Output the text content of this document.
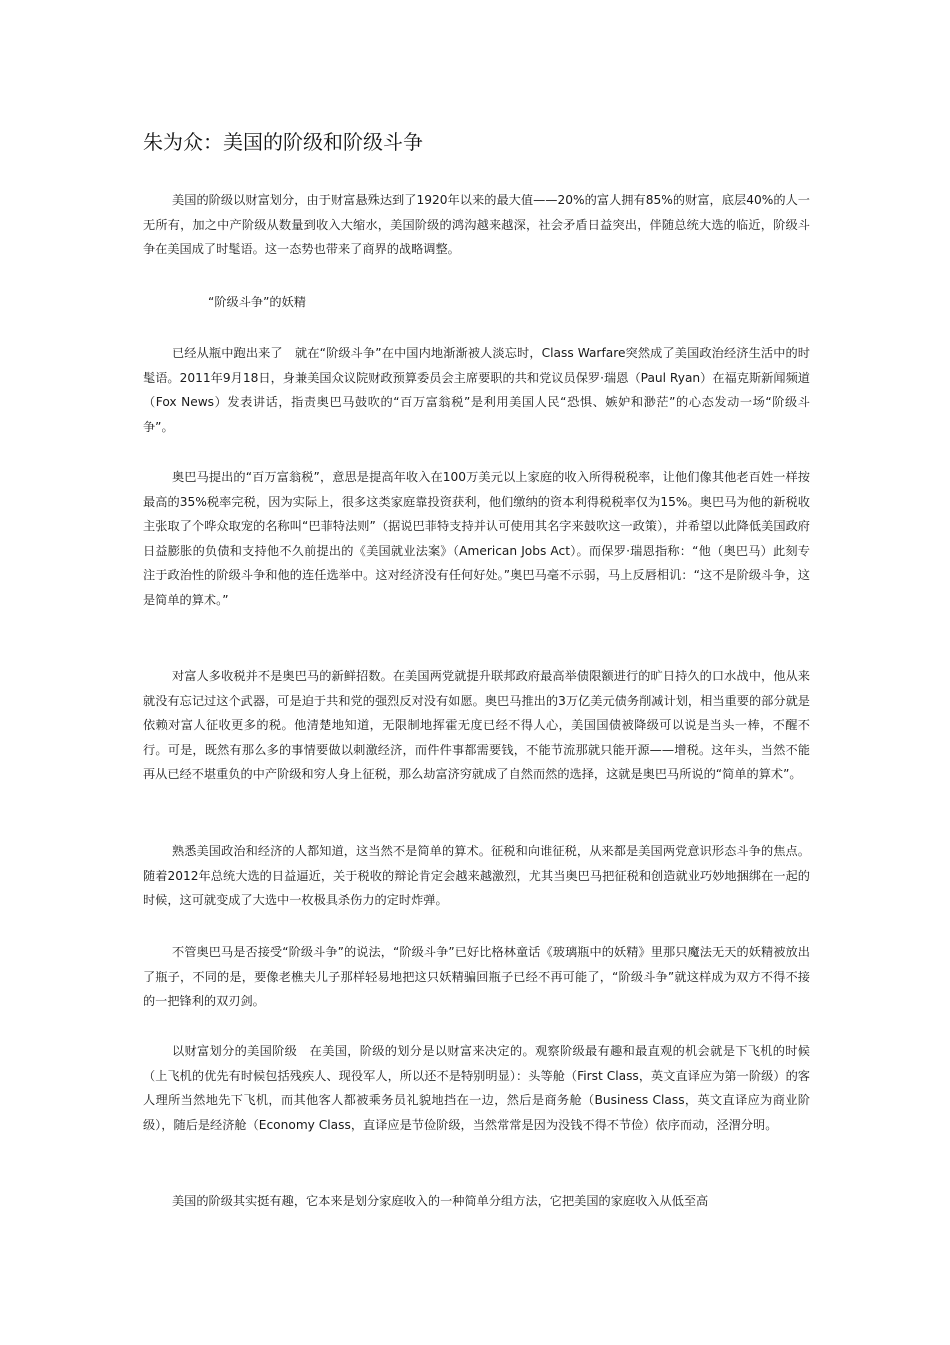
朱为众：美国的阶级和阶级斗争

美国的阶级以财富划分，由于财富悬殊达到了1920年以来的最大值——20%的富人拥有85%的财富，底层40%的人一无所有，加之中产阶级从数量到收入大缩水，美国阶级的鸿沟越来越深，社会矛盾日益突出，伴随总统大选的临近，阶级斗争在美国成了时髦语。这一态势也带来了商界的战略调整。

“阶级斗争”的妖精

已经从瓶中跑出来了　就在“阶级斗争”在中国内地渐渐被人淡忘时，Class Warfare突然成了美国政治经济生活中的时髦语。2011年9月18日，身兼美国众议院财政预算委员会主席要职的共和党议员保罗·瑞恩（Paul Ryan）在福克斯新闻频道（Fox News）发表讲话，指责奥巴马鼓吹的“百万富翁税”是利用美国人民“恐惧、嫉妒和渺茫”的心态发动一场“阶级斗争”。

奥巴马提出的“百万富翁税”，意思是提高年收入在100万美元以上家庭的收入所得税税率，让他们像其他老百姓一样按最高的35%税率完税，因为实际上，很多这类家庭靠投资获利，他们缴纳的资本利得税税率仅为15%。奥巴马为他的新税收主张取了个哗众取宠的名称叫“巴菲特法则”（据说巴菲特支持并认可使用其名字来鼓吹这一政策），并希望以此降低美国政府日益膨胀的负债和支持他不久前提出的《美国就业法案》（American Jobs Act）。而保罗·瑞恩指称：“他（奥巴马）此刻专注于政治性的阶级斗争和他的连任选举中。这对经济没有任何好处。”奥巴马毫不示弱，马上反唇相讥：“这不是阶级斗争，这是简单的算术。”

对富人多收税并不是奥巴马的新鲜招数。在美国两党就提升联邦政府最高举债限额进行的旷日持久的口水战中，他从来就没有忘记过这个武器，可是迫于共和党的强烈反对没有如愿。奥巴马推出的3万亿美元债务削减计划，相当重要的部分就是依赖对富人征收更多的税。他清楚地知道，无限制地挥霍无度已经不得人心，美国国债被降级可以说是当头一棒，不醒不行。可是，既然有那么多的事情要做以刺激经济，而件件事都需要钱，不能节流那就只能开源——增税。这年头，当然不能再从已经不堪重负的中产阶级和穷人身上征税，那么劫富济穷就成了自然而然的选择，这就是奥巴马所说的“简单的算术”。

熟悉美国政治和经济的人都知道，这当然不是简单的算术。征税和向谁征税，从来都是美国两党意识形态斗争的焦点。随着2012年总统大选的日益逼近，关于税收的辩论肯定会越来越激烈，尤其当奥巴马把征税和创造就业巧妙地捆绑在一起的时候，这可就变成了大选中一枚极具杀伤力的定时炸弹。

不管奥巴马是否接受“阶级斗争”的说法，“阶级斗争”已好比格林童话《玻璃瓶中的妖精》里那只魔法无天的妖精被放出了瓶子，不同的是，要像老樵夫儿子那样轻易地把这只妖精骗回瓶子已经不再可能了，“阶级斗争”就这样成为双方不得不接的一把锋利的双刃剑。

以财富划分的美国阶级　在美国，阶级的划分是以财富来决定的。观察阶级最有趣和最直观的机会就是下飞机的时候（上飞机的优先有时候包括残疾人、现役军人，所以还不是特别明显）：头等舱（First Class，英文直译应为第一阶级）的客人理所当然地先下飞机，而其他客人都被乘务员礼貌地挡在一边，然后是商务舱（Business Class，英文直译应为商业阶级），随后是经济舱（Economy Class，直译应是节俭阶级，当然常常是因为没钱不得不节俭）依序而动，泾渭分明。

美国的阶级其实挺有趣，它本来是划分家庭收入的一种简单分组方法，它把美国的家庭收入从低至高
